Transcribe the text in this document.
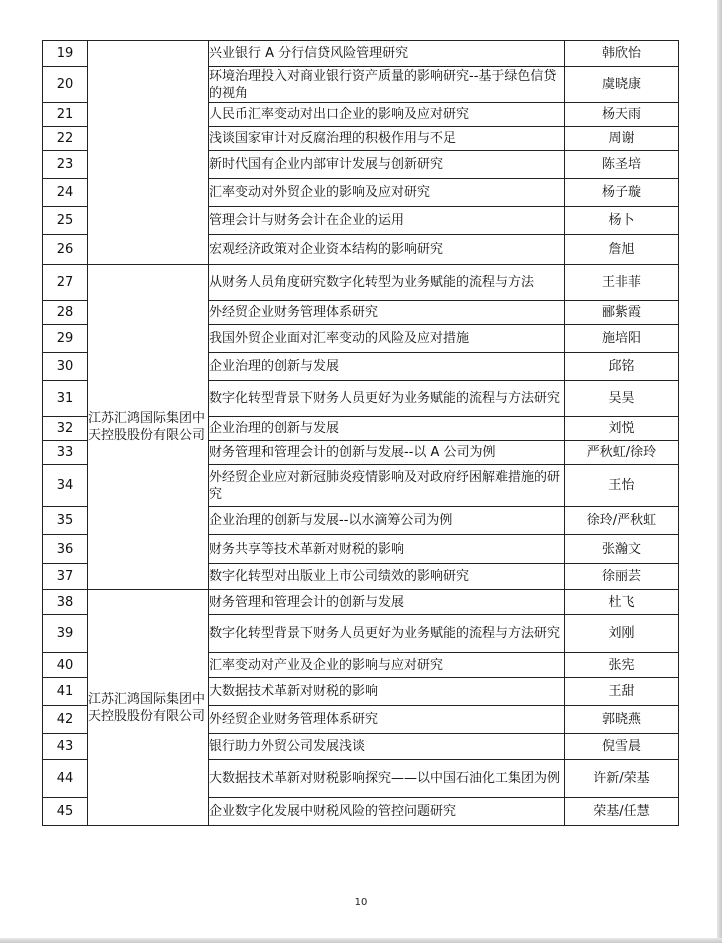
19		兴业银行 A 分行信贷风险管理研究	韩欣怡
20		环境治理投入对商业银行资产质量的影响研究--基于绿色信贷的视角	虞晓康
21		人民币汇率变动对出口企业的影响及应对研究	杨天雨
22		浅谈国家审计对反腐治理的积极作用与不足	周谢
23		新时代国有企业内部审计发展与创新研究	陈圣培
24		汇率变动对外贸企业的影响及应对研究	杨子璇
25		管理会计与财务会计在企业的运用	杨卜
26		宏观经济政策对企业资本结构的影响研究	詹旭
27	江苏汇鸿国际集团中天控股股份有限公司	从财务人员角度研究数字化转型为业务赋能的流程与方法	王非菲
28		外经贸企业财务管理体系研究	郦紫霞
29		我国外贸企业面对汇率变动的风险及应对措施	施培阳
30		企业治理的创新与发展	邱铭
31		数字化转型背景下财务人员更好为业务赋能的流程与方法研究	吴昊
32		企业治理的创新与发展	刘悦
33		财务管理和管理会计的创新与发展--以 A 公司为例	严秋虹/徐玲
34		外经贸企业应对新冠肺炎疫情影响及对政府纾困解难措施的研究	王怡
35		企业治理的创新与发展--以水滴筹公司为例	徐玲/严秋虹
36		财务共享等技术革新对财税的影响	张瀚文
37		数字化转型对出版业上市公司绩效的影响研究	徐丽芸
38	江苏汇鸿国际集团中天控股股份有限公司	财务管理和管理会计的创新与发展	杜飞
39		数字化转型背景下财务人员更好为业务赋能的流程与方法研究	刘刚
40		汇率变动对产业及企业的影响与应对研究	张宪
41		大数据技术革新对财税的影响	王甜
42		外经贸企业财务管理体系研究	郭晓燕
43		银行助力外贸公司发展浅谈	倪雪晨
44		大数据技术革新对财税影响探究——以中国石油化工集团为例	许新/荣基
45		企业数字化发展中财税风险的管控问题研究	荣基/任慧
10
